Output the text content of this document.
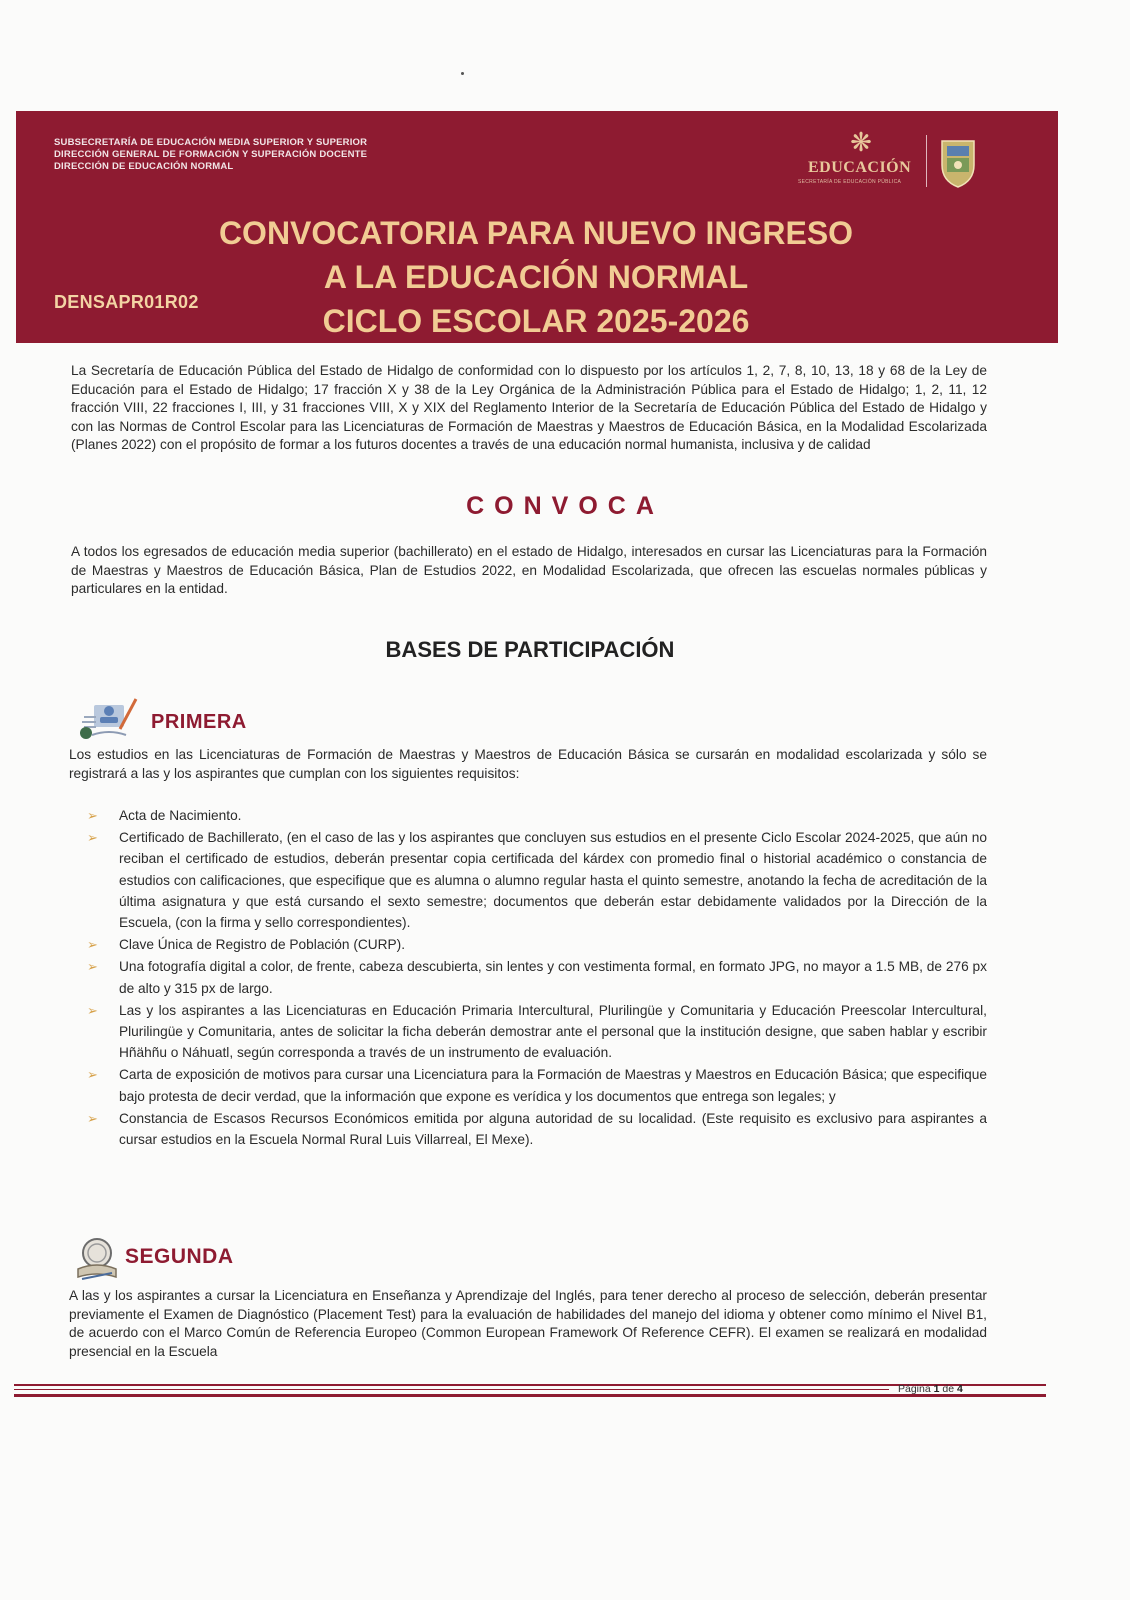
SUBSECRETARÍA DE EDUCACIÓN MEDIA SUPERIOR Y SUPERIOR
DIRECCIÓN GENERAL DE FORMACIÓN Y SUPERACIÓN DOCENTE
DIRECCIÓN DE EDUCACIÓN NORMAL
CONVOCATORIA PARA NUEVO INGRESO
A LA EDUCACIÓN NORMAL
CICLO ESCOLAR 2025-2026
DENSAPR01R02
❋
EDUCACIÓN
SECRETARÍA DE EDUCACIÓN PÚBLICA
La Secretaría de Educación Pública del Estado de Hidalgo de conformidad con lo dispuesto por los artículos 1, 2, 7, 8, 10, 13, 18 y 68 de la Ley de Educación para el Estado de Hidalgo; 17 fracción X y 38 de la Ley Orgánica de la Administración Pública para el Estado de Hidalgo; 1, 2, 11, 12 fracción VIII, 22 fracciones I, III, y 31 fracciones VIII, X y XIX del Reglamento Interior de la Secretaría de Educación Pública del Estado de Hidalgo y con las Normas de Control Escolar para las Licenciaturas de Formación de Maestras y Maestros de Educación Básica, en la Modalidad Escolarizada (Planes 2022) con el propósito de formar a los futuros docentes a través de una educación normal humanista, inclusiva y de calidad
CONVOCA
A todos los egresados de educación media superior (bachillerato) en el estado de Hidalgo, interesados en cursar las Licenciaturas para la Formación de Maestras y Maestros de Educación Básica, Plan de Estudios 2022, en Modalidad Escolarizada, que ofrecen las escuelas normales públicas y particulares en la entidad.
BASES DE PARTICIPACIÓN
PRIMERA
Los estudios en las Licenciaturas de Formación de Maestras y Maestros de Educación Básica se cursarán en modalidad escolarizada y sólo se registrará a las y los aspirantes que cumplan con los siguientes requisitos:
➢ Acta de Nacimiento.
➢ Certificado de Bachillerato, (en el caso de las y los aspirantes que concluyen sus estudios en el presente Ciclo Escolar 2024-2025, que aún no reciban el certificado de estudios, deberán presentar copia certificada del kárdex con promedio final o historial académico o constancia de estudios con calificaciones, que especifique que es alumna o alumno regular hasta el quinto semestre, anotando la fecha de acreditación de la última asignatura y que está cursando el sexto semestre; documentos que deberán estar debidamente validados por la Dirección de la Escuela, (con la firma y sello correspondientes).
➢ Clave Única de Registro de Población (CURP).
➢ Una fotografía digital a color, de frente, cabeza descubierta, sin lentes y con vestimenta formal, en formato JPG, no mayor a 1.5 MB, de 276 px de alto y 315 px de largo.
➢ Las y los aspirantes a las Licenciaturas en Educación Primaria Intercultural, Plurilingüe y Comunitaria y Educación Preescolar Intercultural, Plurilingüe y Comunitaria, antes de solicitar la ficha deberán demostrar ante el personal que la institución designe, que saben hablar y escribir Hñähñu o Náhuatl, según corresponda a través de un instrumento de evaluación.
➢ Carta de exposición de motivos para cursar una Licenciatura para la Formación de Maestras y Maestros en Educación Básica; que especifique bajo protesta de decir verdad, que la información que expone es verídica y los documentos que entrega son legales; y
➢ Constancia de Escasos Recursos Económicos emitida por alguna autoridad de su localidad. (Este requisito es exclusivo para aspirantes a cursar estudios en la Escuela Normal Rural Luis Villarreal, El Mexe).
SEGUNDA
A las y los aspirantes a cursar la Licenciatura en Enseñanza y Aprendizaje del Inglés, para tener derecho al proceso de selección, deberán presentar previamente el Examen de Diagnóstico (Placement Test) para la evaluación de habilidades del manejo del idioma y obtener como mínimo el Nivel B1, de acuerdo con el Marco Común de Referencia Europeo (Common European Framework Of Reference CEFR). El examen se realizará en modalidad presencial en la Escuela
Página 1 de 4
